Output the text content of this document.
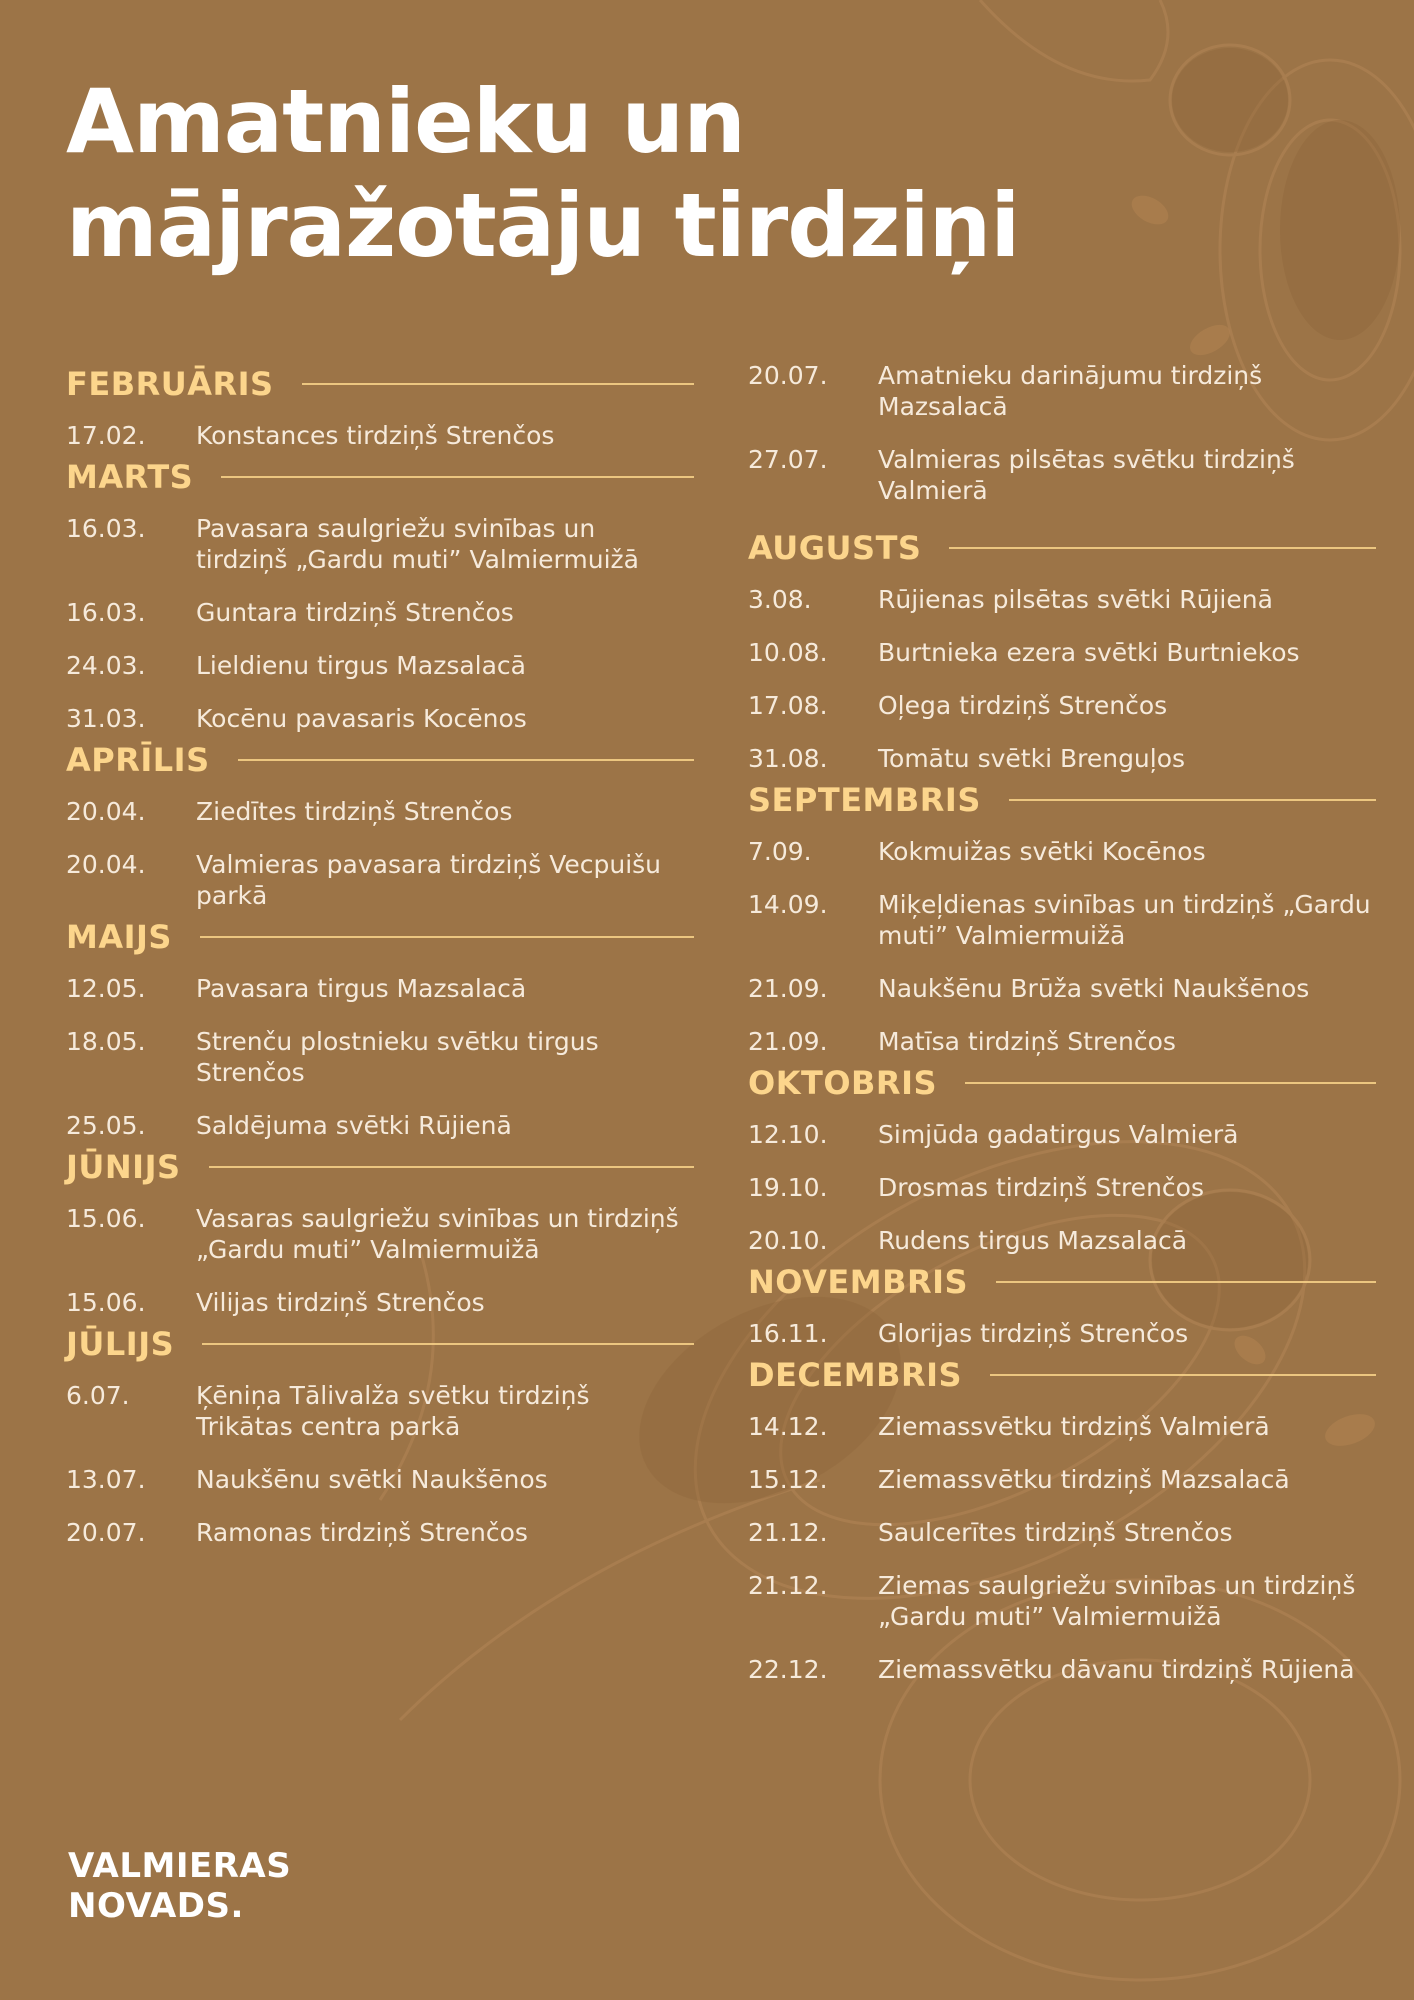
Amatnieku un
mājražotāju tirdziņi
FEBRUĀRIS
17.02.	Konstances tirdziņš Strenčos
MARTS
16.03.	Pavasara saulgriežu svinības un tirdziņš „Gardu muti” Valmiermuižā
16.03.	Guntara tirdziņš Strenčos
24.03.	Lieldienu tirgus Mazsalacā
31.03.	Kocēnu pavasaris Kocēnos
APRĪLIS
20.04.	Ziedītes tirdziņš Strenčos
20.04.	Valmieras pavasara tirdziņš Vecpuišu parkā
MAIJS
12.05.	Pavasara tirgus Mazsalacā
18.05.	Strenču plostnieku svētku tirgus Strenčos
25.05.	Saldējuma svētki Rūjienā
JŪNIJS
15.06.	Vasaras saulgriežu svinības un tirdziņš „Gardu muti” Valmiermuižā
15.06.	Vilijas tirdziņš Strenčos
JŪLIJS
6.07.	Ķēniņa Tālivalža svētku tirdziņš Trikātas centra parkā
13.07.	Naukšēnu svētki Naukšēnos
20.07.	Ramonas tirdziņš Strenčos
20.07.	Amatnieku darinājumu tirdziņš Mazsalacā
27.07.	Valmieras pilsētas svētku tirdziņš Valmierā
AUGUSTS
3.08.	Rūjienas pilsētas svētki Rūjienā
10.08.	Burtnieka ezera svētki Burtniekos
17.08.	Oļega tirdziņš Strenčos
31.08.	Tomātu svētki Brenguļos
SEPTEMBRIS
7.09.	Kokmuižas svētki Kocēnos
14.09.	Miķeļdienas svinības un tirdziņš „Gardu muti” Valmiermuižā
21.09.	Naukšēnu Brūža svētki Naukšēnos
21.09.	Matīsa tirdziņš Strenčos
OKTOBRIS
12.10.	Simjūda gadatirgus Valmierā
19.10.	Drosmas tirdziņš Strenčos
20.10.	Rudens tirgus Mazsalacā
NOVEMBRIS
16.11.	Glorijas tirdziņš Strenčos
DECEMBRIS
14.12.	Ziemassvētku tirdziņš Valmierā
15.12.	Ziemassvētku tirdziņš Mazsalacā
21.12.	Saulcerītes tirdziņš Strenčos
21.12.	Ziemas saulgriežu svinības un tirdziņš „Gardu muti” Valmiermuižā
22.12.	Ziemassvētku dāvanu tirdziņš Rūjienā
VALMIERAS
NOVADS.
